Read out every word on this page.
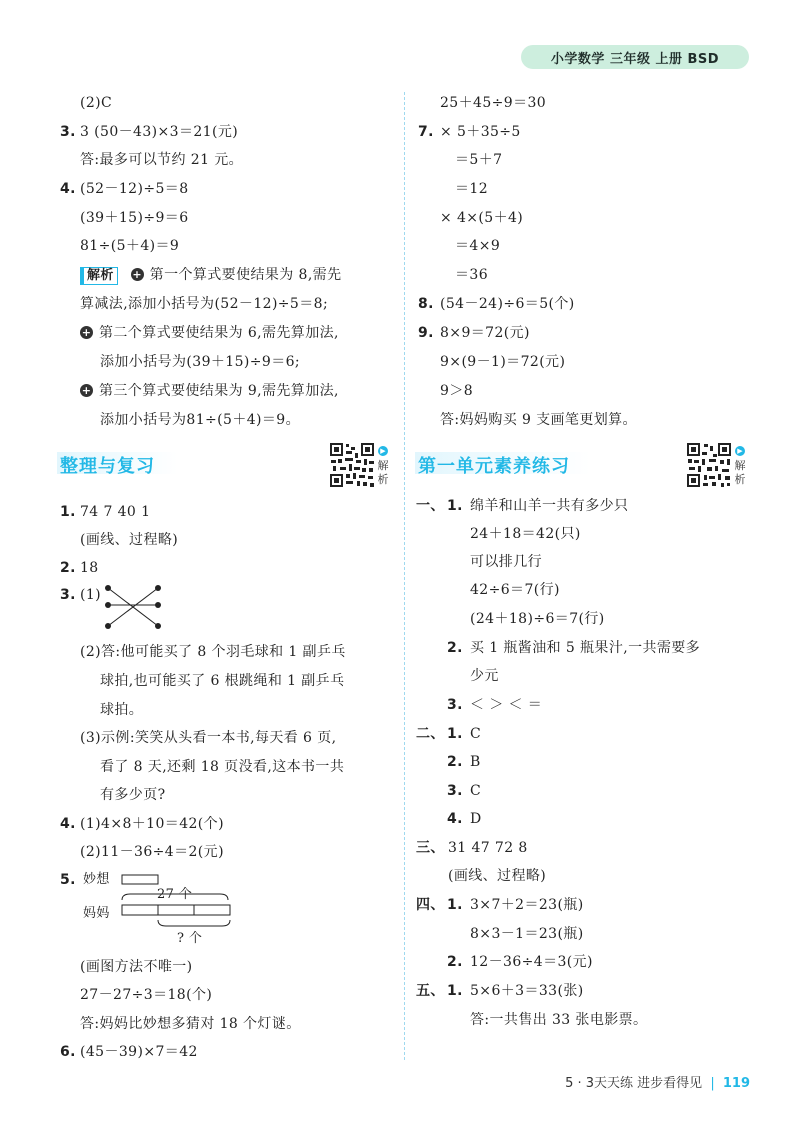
小学数学 三年级 上册 BSD
(2)C
3. 3 (50－43)×3＝21(元)
答:最多可以节约 21 元。
4. (52－12)÷5＝8
(39＋15)÷9＝6
81÷(5＋4)＝9
解析 + 第一个算式要使结果为 8,需先
算减法,添加小括号为(52－12)÷5＝8;
+ 第二个算式要使结果为 6,需先算加法,
添加小括号为(39＋15)÷9＝6;
+ 第三个算式要使结果为 9,需先算加法,
添加小括号为81÷(5＋4)＝9。
整理与复习
▶
解
析
1. 74 7 40 1
(画线、过程略)
2. 18
3. (1)
(2)答:他可能买了 8 个羽毛球和 1 副乒乓
球拍,也可能买了 6 根跳绳和 1 副乒乓
球拍。
(3)示例:笑笑从头看一本书,每天看 6 页,
看了 8 天,还剩 18 页没看,这本书一共
有多少页?
4. (1)4×8＋10＝42(个)
(2)11－36÷4＝2(元)
5. 妙想
妈妈
27 个
? 个
(画图方法不唯一)
27－27÷3＝18(个)
答:妈妈比妙想多猜对 18 个灯谜。
6. (45－39)×7＝42
25＋45÷9＝30
7. × 5＋35÷5
＝5＋7
＝12
× 4×(5＋4)
＝4×9
＝36
8. (54－24)÷6＝5(个)
9. 8×9＝72(元)
9×(9－1)＝72(元)
9＞8
答:妈妈购买 9 支画笔更划算。
第一单元素养练习
▶
解
析
一、 1. 绵羊和山羊一共有多少只
24＋18＝42(只)
可以排几行
42÷6＝7(行)
(24＋18)÷6＝7(行)
2. 买 1 瓶酱油和 5 瓶果汁,一共需要多
少元
3. ＜ ＞ ＜ ＝
二、 1. C
2. B
3. C
4. D
三、 31 47 72 8
(画线、过程略)
四、 1. 3×7＋2＝23(瓶)
8×3－1＝23(瓶)
2. 12－36÷4＝3(元)
五、 1. 5×6＋3＝33(张)
答:一共售出 33 张电影票。
5 · 3天天练 进步看得见 | 119
